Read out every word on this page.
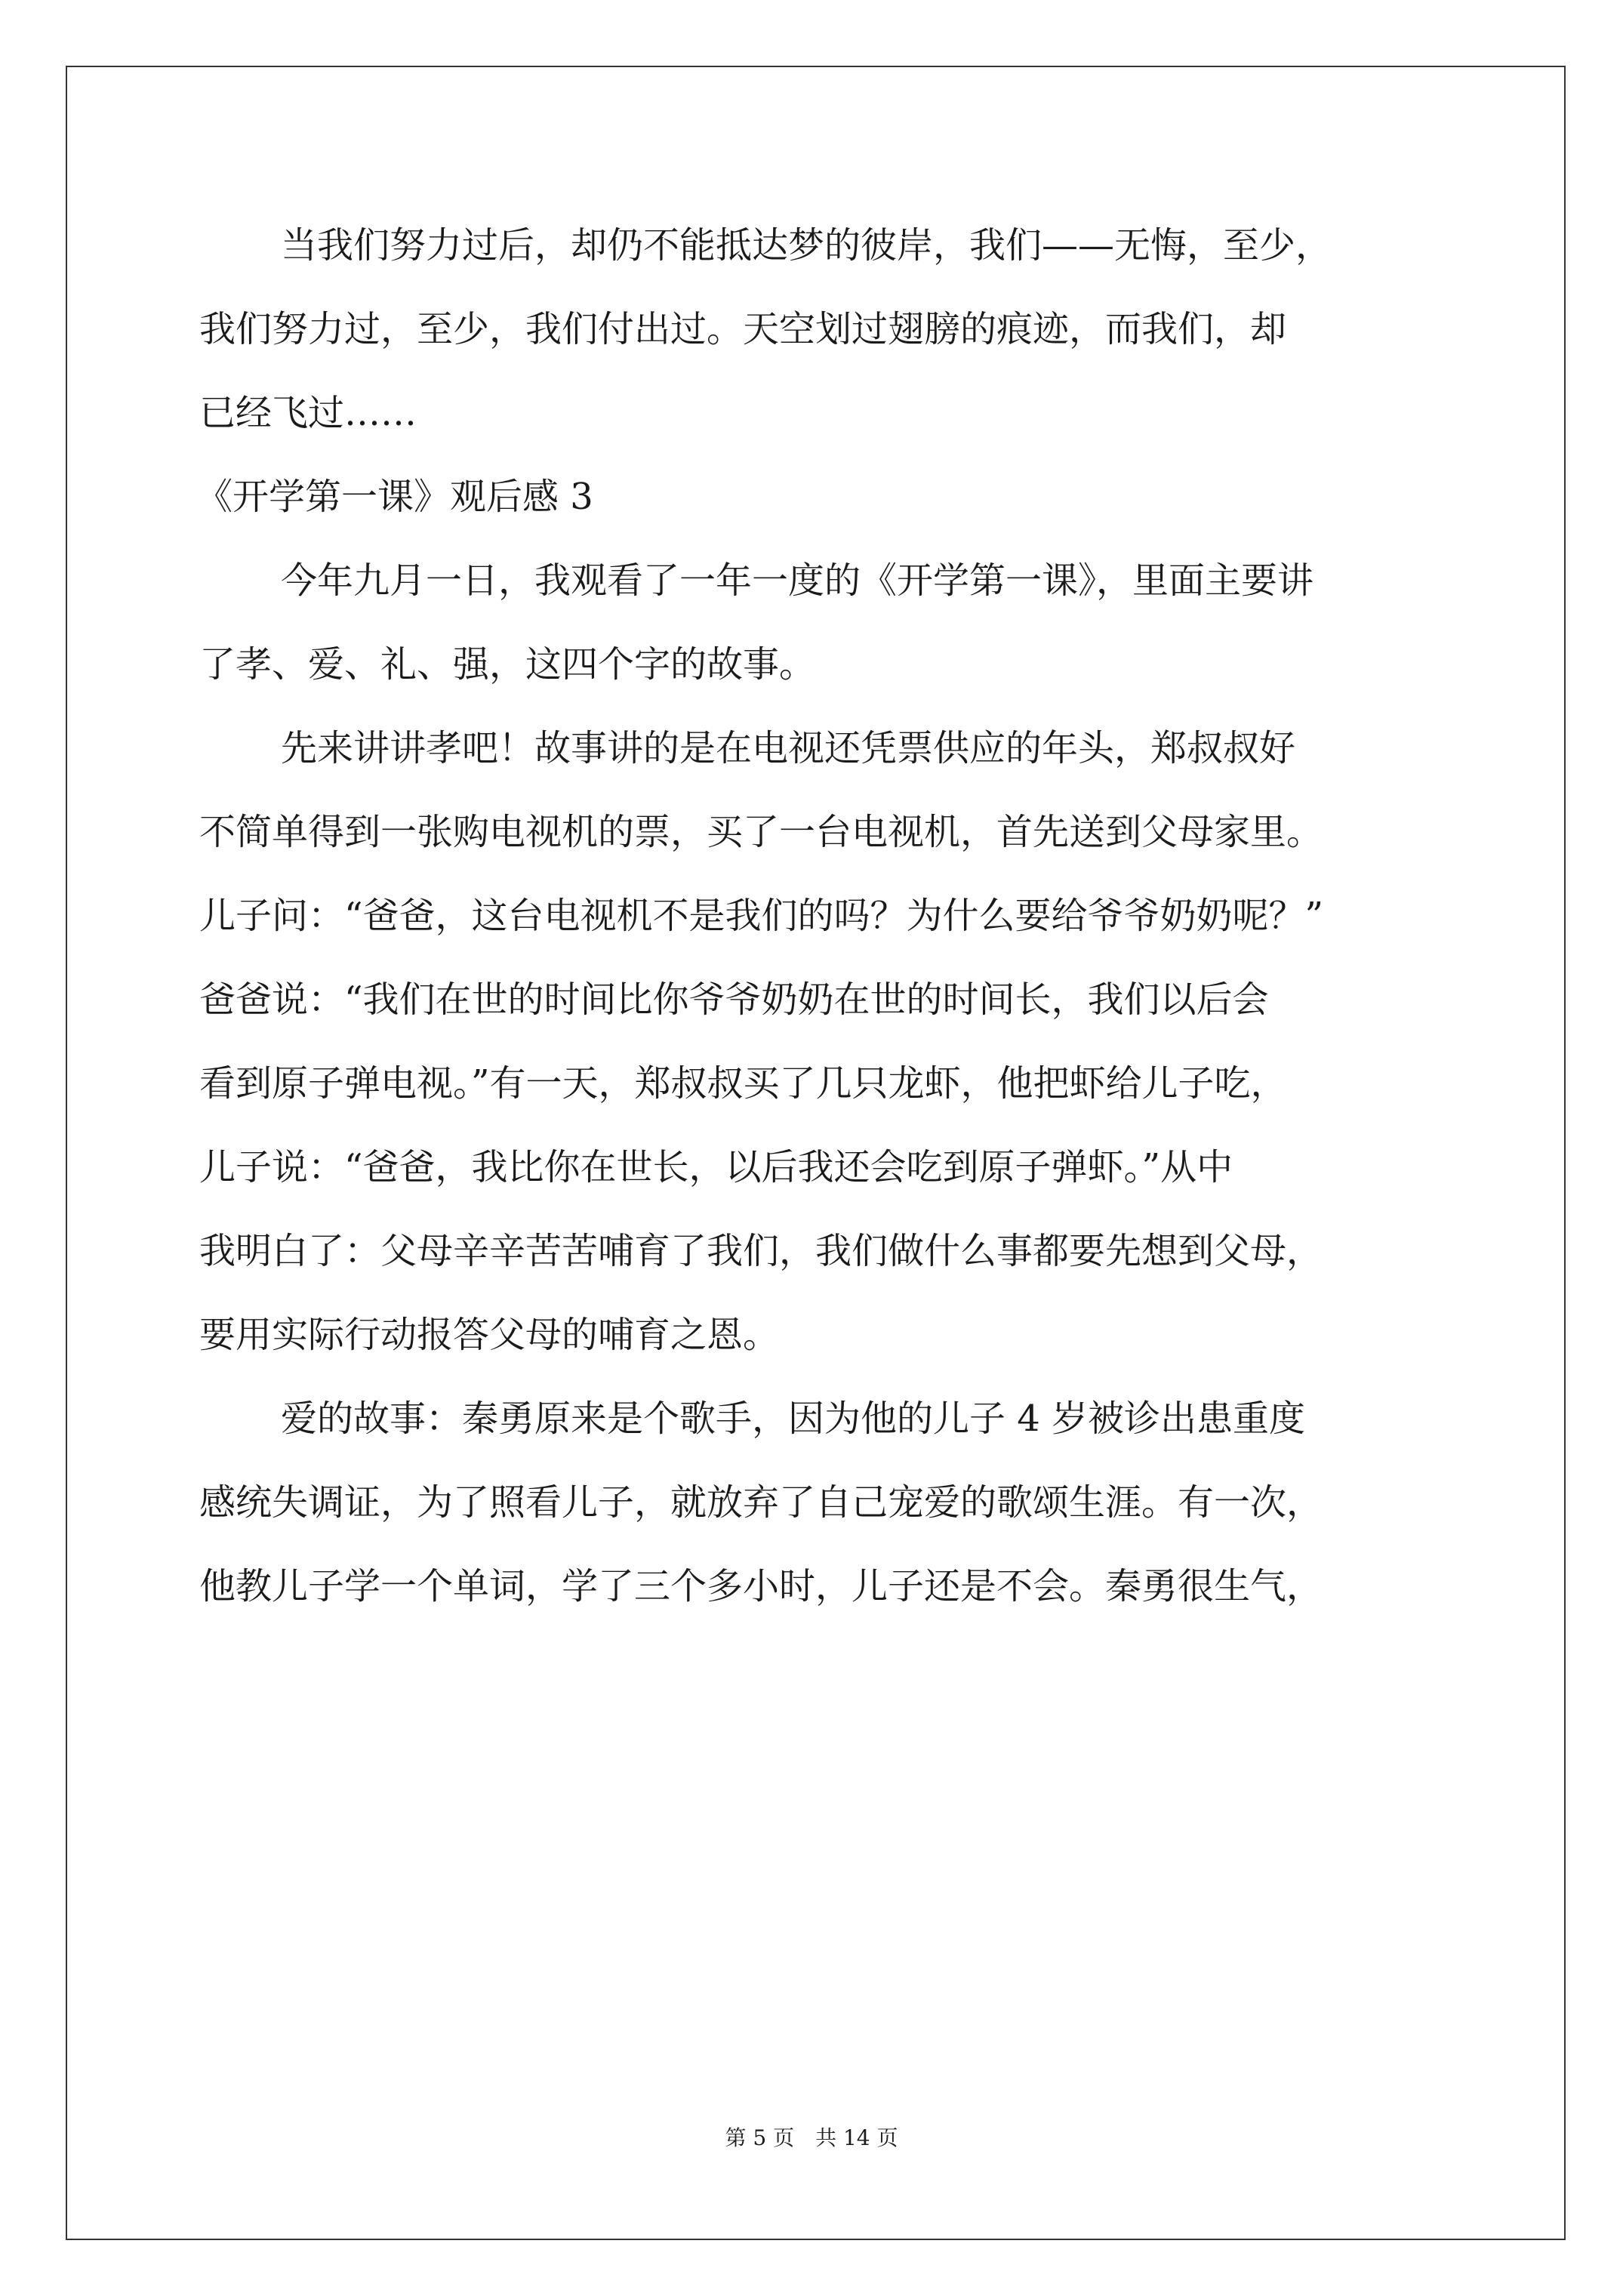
当我们努力过后，却仍不能抵达梦的彼岸，我们——无悔，至少，
我们努力过，至少，我们付出过。天空划过翅膀的痕迹，而我们，却
已经飞过……
《开学第一课》观后感 3
今年九月一日，我观看了一年一度的《开学第一课》，里面主要讲
了孝、爱、礼、强，这四个字的故事。
先来讲讲孝吧！故事讲的是在电视还凭票供应的年头，郑叔叔好
不简单得到一张购电视机的票，买了一台电视机，首先送到父母家里。
儿子问：“爸爸，这台电视机不是我们的吗？为什么要给爷爷奶奶呢？”
爸爸说：“我们在世的时间比你爷爷奶奶在世的时间长，我们以后会
看到原子弹电视。”有一天，郑叔叔买了几只龙虾，他把虾给儿子吃，
儿子说：“爸爸，我比你在世长，以后我还会吃到原子弹虾。”从中
我明白了：父母辛辛苦苦哺育了我们，我们做什么事都要先想到父母，
要用实际行动报答父母的哺育之恩。
爱的故事：秦勇原来是个歌手，因为他的儿子 4 岁被诊出患重度
感统失调证，为了照看儿子，就放弃了自己宠爱的歌颂生涯。有一次，
他教儿子学一个单词，学了三个多小时，儿子还是不会。秦勇很生气，
第 5 页　共 14 页
